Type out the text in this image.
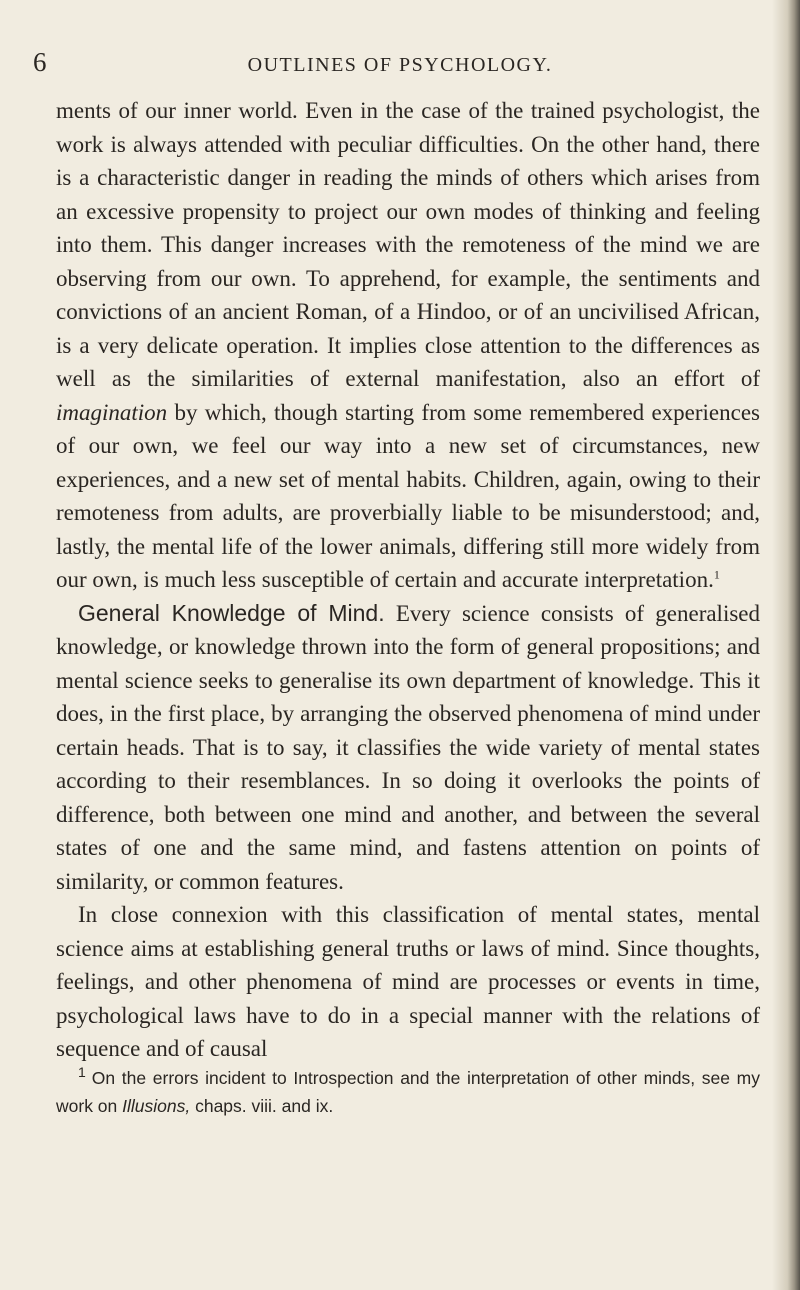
6	OUTLINES OF PSYCHOLOGY.

ments of our inner world. Even in the case of the trained psychologist, the work is always attended with peculiar difficulties. On the other hand, there is a characteristic danger in reading the minds of others which arises from an excessive propensity to project our own modes of thinking and feeling into them. This danger increases with the remoteness of the mind we are observing from our own. To apprehend, for example, the sentiments and convictions of an ancient Roman, of a Hindoo, or of an uncivilised African, is a very delicate operation. It implies close attention to the differences as well as the similarities of external manifestation, also an effort of imagination by which, though starting from some remembered experiences of our own, we feel our way into a new set of circumstances, new experiences, and a new set of mental habits. Children, again, owing to their remoteness from adults, are proverbially liable to be misunderstood; and, lastly, the mental life of the lower animals, differing still more widely from our own, is much less susceptible of certain and accurate interpretation.$^1$

General Knowledge of Mind. Every science consists of generalised knowledge, or knowledge thrown into the form of general propositions; and mental science seeks to generalise its own department of knowledge. This it does, in the first place, by arranging the observed phenomena of mind under certain heads. That is to say, it classifies the wide variety of mental states according to their resemblances. In so doing it overlooks the points of difference, both between one mind and another, and between the several states of one and the same mind, and fastens attention on points of similarity, or common features.

In close connexion with this classification of mental states, mental science aims at establishing general truths or laws of mind. Since thoughts, feelings, and other phenomena of mind are processes or events in time, psychological laws have to do in a special manner with the relations of sequence and of causal

$^1$ On the errors incident to Introspection and the interpretation of other minds, see my work on Illusions, chaps. viii. and ix.
